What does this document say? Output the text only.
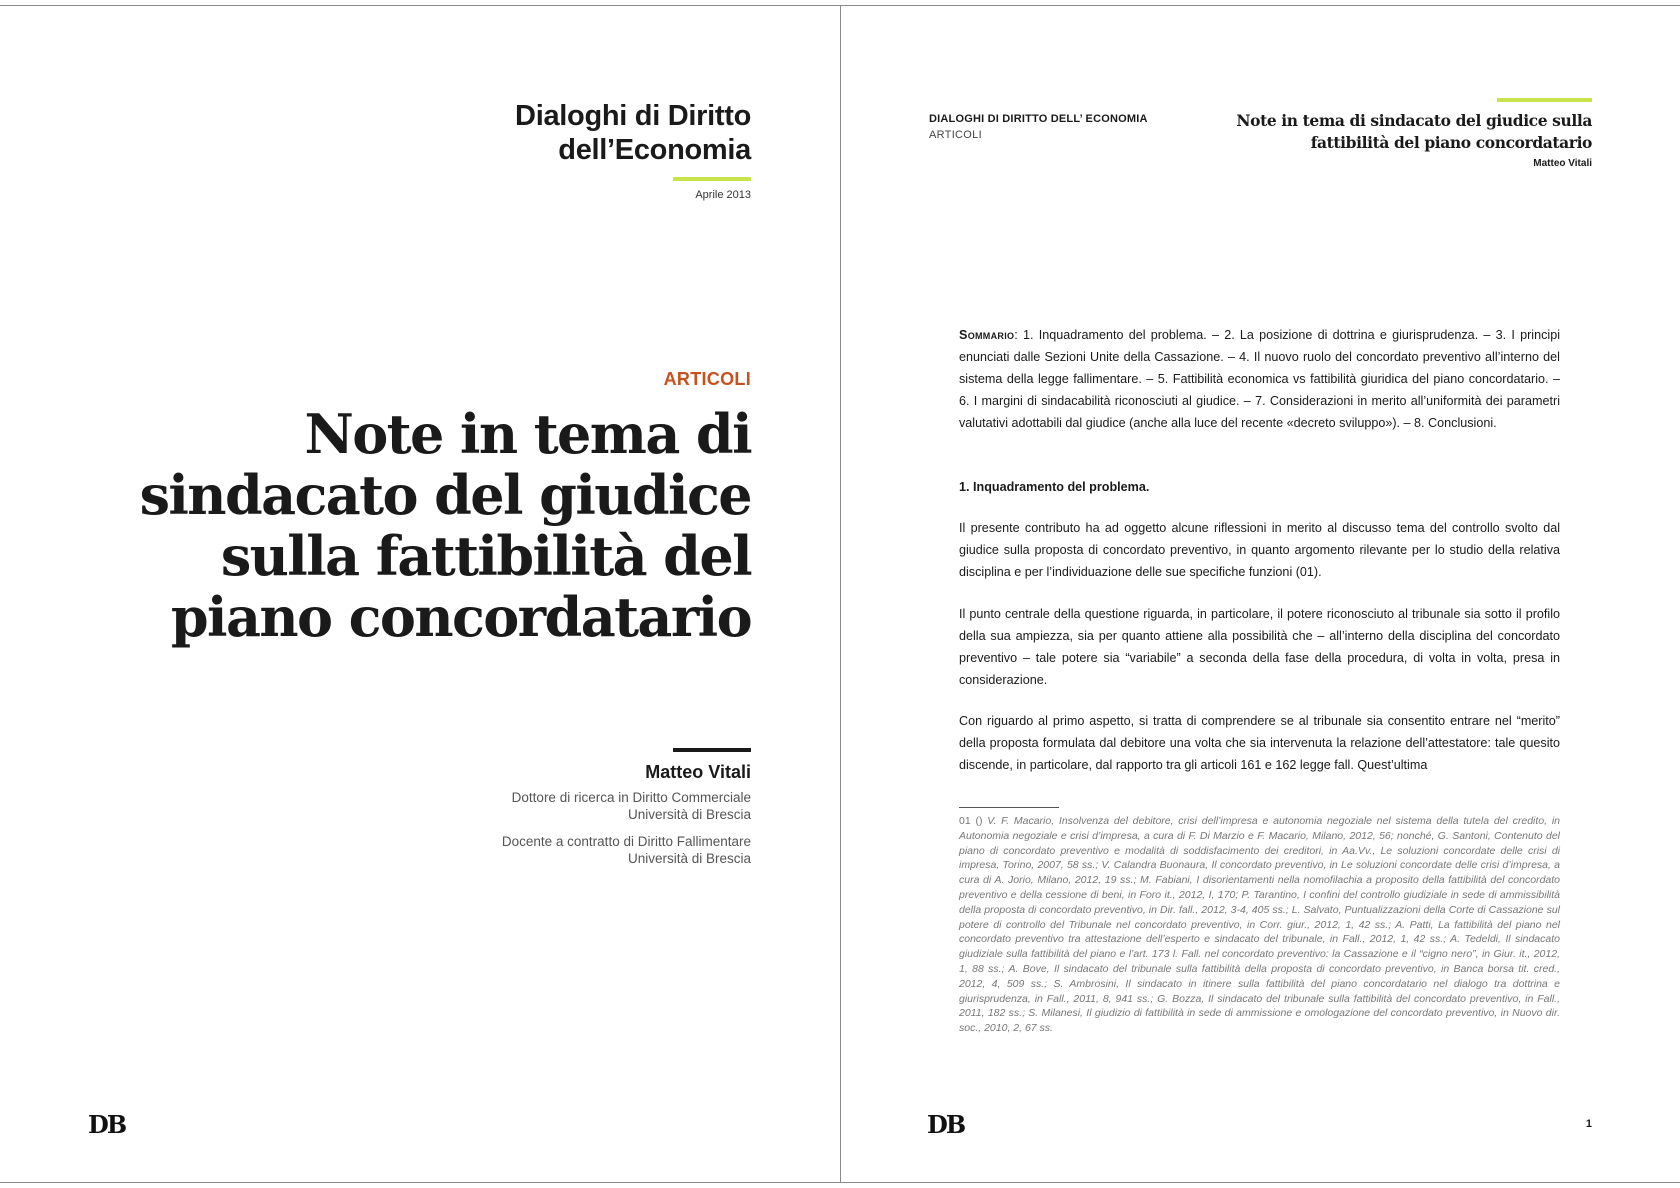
Dialoghi di Diritto
dell’Economia
Aprile 2013
ARTICOLI
Note in tema di
sindacato del giudice
sulla fattibilità del
piano concordatario
Matteo Vitali
Dottore di ricerca in Diritto Commerciale
Università di Brescia
Docente a contratto di Diritto Fallimentare
Università di Brescia
DB
DIALOGHI DI DIRITTO DELL’ ECONOMIA
ARTICOLI
Note in tema di sindacato del giudice sulla
fattibilità del piano concordatario
Matteo Vitali
Sommario: 1. Inquadramento del problema. – 2. La posizione di dottrina e giurisprudenza. – 3. I principi enunciati dalle Sezioni Unite della Cassazione. – 4. Il nuovo ruolo del concordato preventivo all’interno del sistema della legge fallimentare. – 5. Fattibilità economica vs fattibilità giuridica del piano concordatario. – 6. I margini di sindacabilità riconosciuti al giudice. – 7. Considerazioni in merito all’uniformità dei parametri valutativi adottabili dal giudice (anche alla luce del recente «decreto sviluppo»). – 8. Conclusioni.
1. Inquadramento del problema.
Il presente contributo ha ad oggetto alcune riflessioni in merito al discusso tema del controllo svolto dal giudice sulla proposta di concordato preventivo, in quanto argomento rilevante per lo studio della relativa disciplina e per l’individuazione delle sue specifiche funzioni (01).
Il punto centrale della questione riguarda, in particolare, il potere riconosciuto al tribunale sia sotto il profilo della sua ampiezza, sia per quanto attiene alla possibilità che – all’interno della disciplina del concordato preventivo – tale potere sia “variabile” a seconda della fase della procedura, di volta in volta, presa in considerazione.
Con riguardo al primo aspetto, si tratta di comprendere se al tribunale sia consentito entrare nel “merito” della proposta formulata dal debitore una volta che sia intervenuta la relazione dell’attestatore: tale quesito discende, in particolare, dal rapporto tra gli articoli 161 e 162 legge fall. Quest’ultima
01 () V. F. Macario, Insolvenza del debitore, crisi dell’impresa e autonomia negoziale nel sistema della tutela del credito, in Autonomia negoziale e crisi d’impresa, a cura di F. Di Marzio e F. Macario, Milano, 2012, 56; nonché, G. Santoni, Contenuto del piano di concordato preventivo e modalità di soddisfacimento dei creditori, in Aa.Vv., Le soluzioni concordate delle crisi di impresa, Torino, 2007, 58 ss.; V. Calandra Buonaura, Il concordato preventivo, in Le soluzioni concordate delle crisi d’impresa, a cura di A. Jorio, Milano, 2012, 19 ss.; M. Fabiani, I disorientamenti nella nomofilachia a proposito della fattibilità del concordato preventivo e della cessione di beni, in Foro it., 2012, I, 170; P. Tarantino, I confini del controllo giudiziale in sede di ammissibilità della proposta di concordato preventivo, in Dir. fall., 2012, 3-4, 405 ss.; L. Salvato, Puntualizzazioni della Corte di Cassazione sul potere di controllo del Tribunale nel concordato preventivo, in Corr. giur., 2012, 1, 42 ss.; A. Patti, La fattibilità del piano nel concordato preventivo tra attestazione dell’esperto e sindacato del tribunale, in Fall., 2012, 1, 42 ss.; A. Tedeldi, Il sindacato giudiziale sulla fattibilità del piano e l’art. 173 l. Fall. nel concordato preventivo: la Cassazione e il “cigno nero”, in Giur. it., 2012, 1, 88 ss.; A. Bove, Il sindacato del tribunale sulla fattibilità della proposta di concordato preventivo, in Banca borsa tit. cred., 2012, 4, 509 ss.; S. Ambrosini, Il sindacato in itinere sulla fattibilità del piano concordatario nel dialogo tra dottrina e giurisprudenza, in Fall., 2011, 8, 941 ss.; G. Bozza, Il sindacato del tribunale sulla fattibilità del concordato preventivo, in Fall., 2011, 182 ss.; S. Milanesi, Il giudizio di fattibilità in sede di ammissione e omologazione del concordato preventivo, in Nuovo dir. soc., 2010, 2, 67 ss.
DB	1
